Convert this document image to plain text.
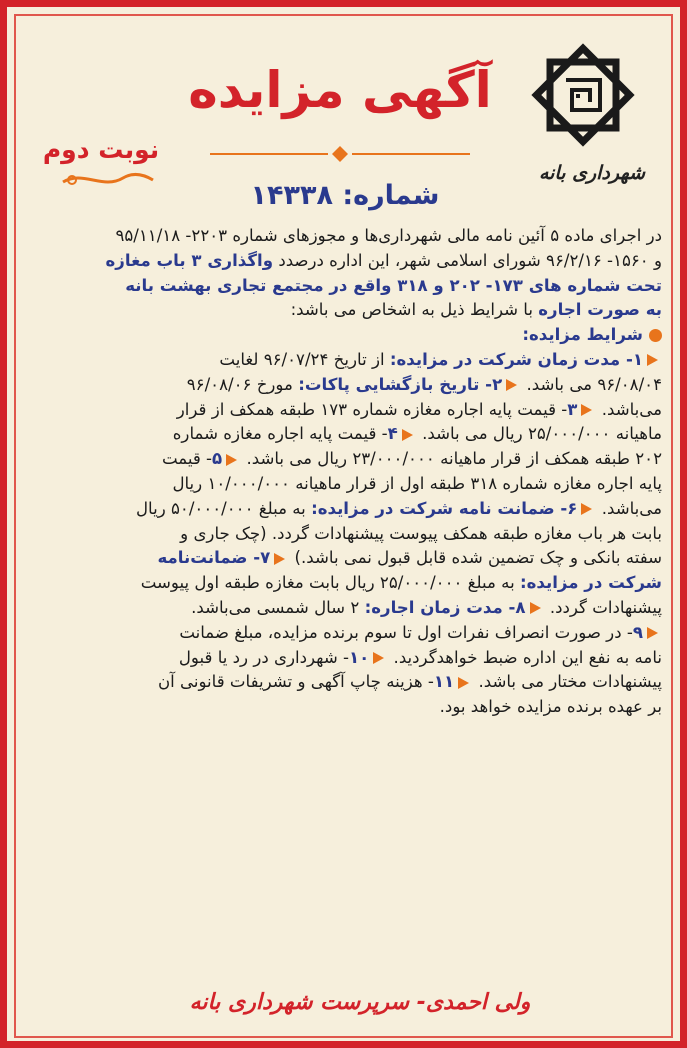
شهرداری بانه
آگهی مزایده
نوبت دوم
شماره: ۱۴۳۳۸
در اجرای ماده ۵ آئین نامه مالی شهرداری‌ها و مجوزهای شماره ۲۲۰۳- ۹۵/۱۱/۱۸
و ۱۵۶۰- ۹۶/۲/۱۶ شورای اسلامی شهر، این اداره درصدد واگذاری ۳ باب مغازه
تحت شماره های ۱۷۳- ۲۰۲ و ۳۱۸ واقع در مجتمع تجاری بهشت بانه
به صورت اجاره با شرایط ذیل به اشخاص می باشد:
شرایط مزایده:
۱- مدت زمان شرکت در مزایده: از تاریخ ۹۶/۰۷/۲۴ لغایت
۹۶/۰۸/۰۴ می باشد. ۲- تاریخ بازگشایی پاکات: مورخ ۹۶/۰۸/۰۶
می‌باشد. ۳- قیمت پایه اجاره مغازه شماره ۱۷۳ طبقه همکف از قرار
ماهیانه ۲۵/۰۰۰/۰۰۰ ریال می باشد. ۴- قیمت پایه اجاره مغازه شماره
۲۰۲ طبقه همکف از قرار ماهیانه ۲۳/۰۰۰/۰۰۰ ریال می باشد. ۵- قیمت
پایه اجاره مغازه شماره ۳۱۸ طبقه اول از قرار ماهیانه ۱۰/۰۰۰/۰۰۰ ریال
می‌باشد. ۶- ضمانت نامه شرکت در مزایده: به مبلغ ۵۰/۰۰۰/۰۰۰ ریال
بابت هر باب مغازه طبقه همکف پیوست پیشنهادات گردد. (چک جاری و
سفته بانکی و چک تضمین شده قابل قبول نمی باشد.) ۷- ضمانت‌نامه
شرکت در مزایده: به مبلغ ۲۵/۰۰۰/۰۰۰ ریال بابت مغازه طبقه اول پیوست
پیشنهادات گردد. ۸- مدت زمان اجاره: ۲ سال شمسی می‌باشد.
۹- در صورت انصراف نفرات اول تا سوم برنده مزایده، مبلغ ضمانت
نامه به نفع این اداره ضبط خواهدگردید. ۱۰- شهرداری در رد یا قبول
پیشنهادات مختار می باشد. ۱۱- هزینه چاپ آگهی و تشریفات قانونی آن
بر عهده برنده مزایده خواهد بود.
ولی احمدی- سرپرست شهرداری بانه
